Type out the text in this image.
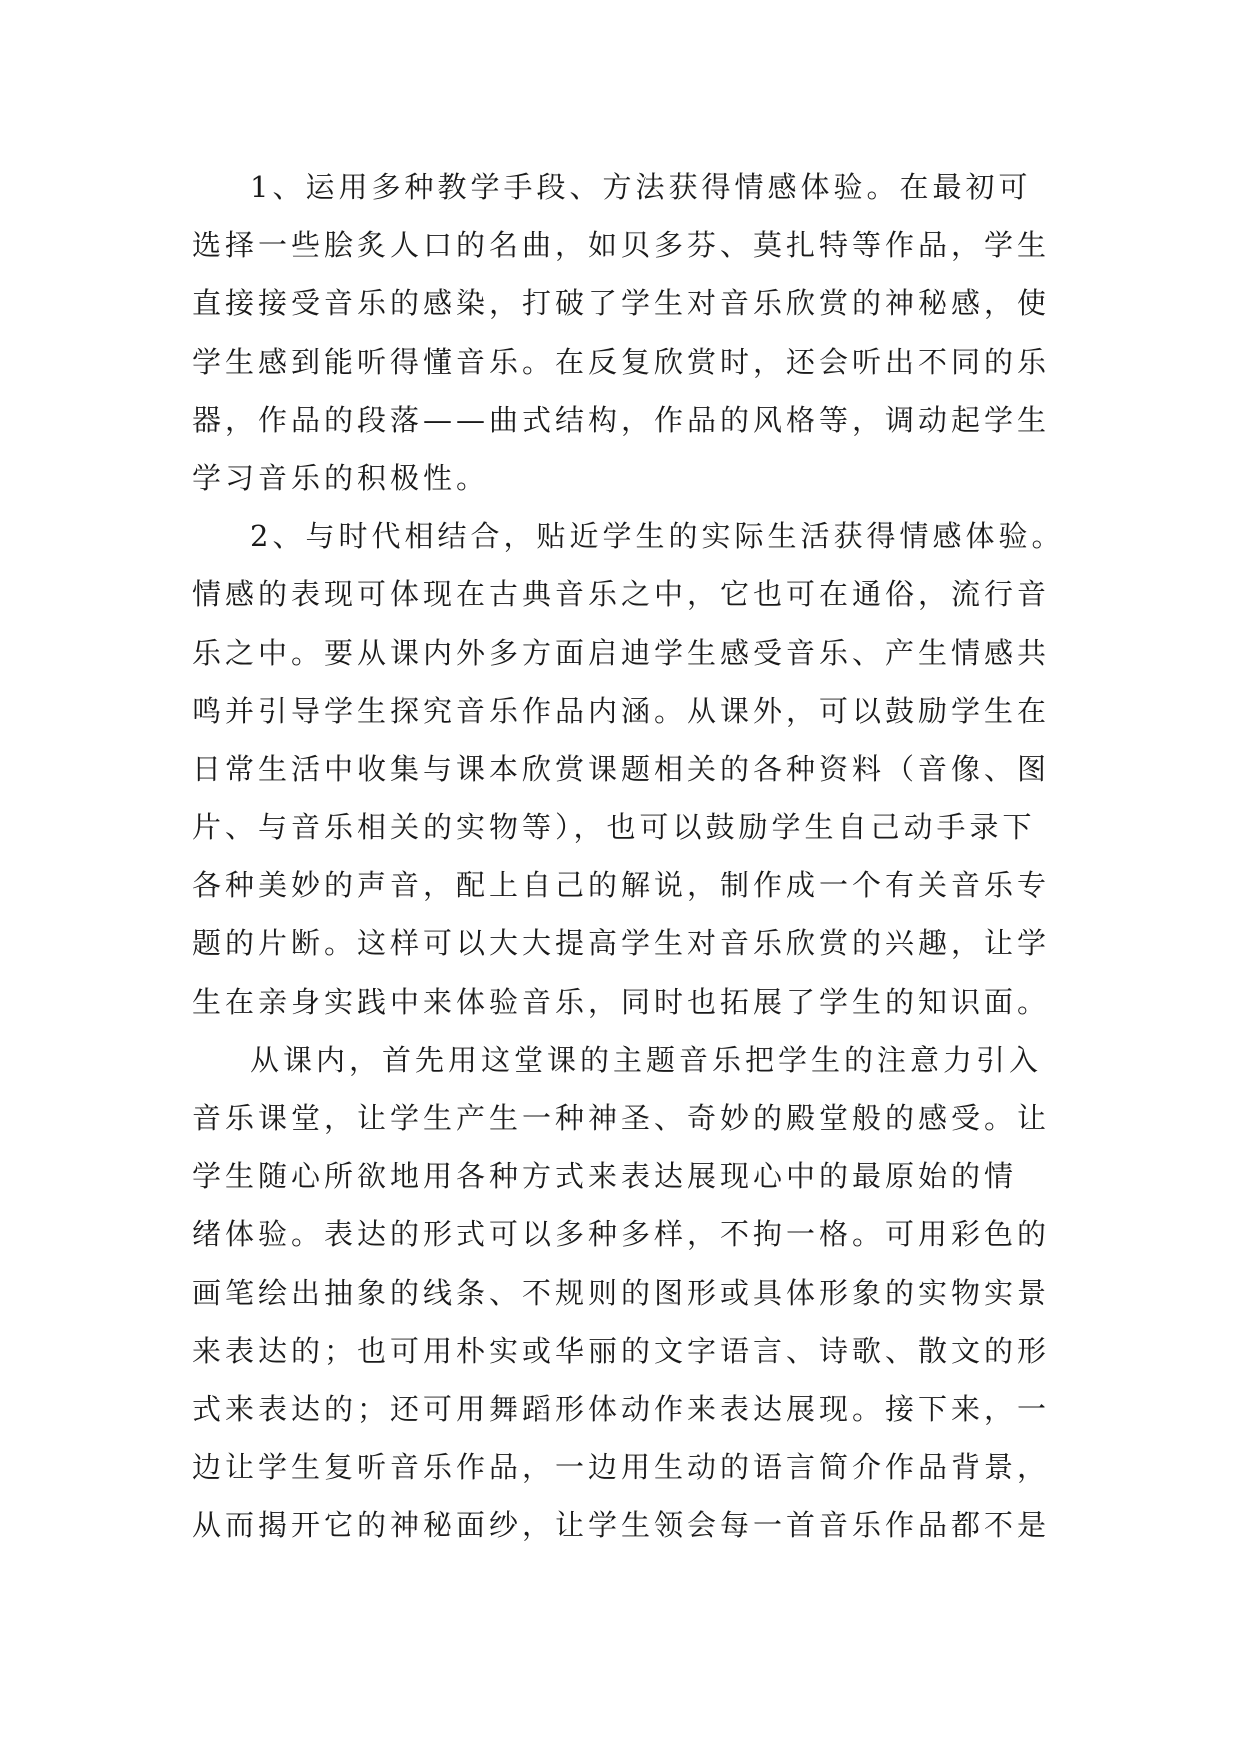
1、运用多种教学手段、方法获得情感体验。在最初可
选择一些脍炙人口的名曲，如贝多芬、莫扎特等作品，学生
直接接受音乐的感染，打破了学生对音乐欣赏的神秘感，使
学生感到能听得懂音乐。在反复欣赏时，还会听出不同的乐
器，作品的段落——曲式结构，作品的风格等，调动起学生
学习音乐的积极性。
2、与时代相结合，贴近学生的实际生活获得情感体验。
情感的表现可体现在古典音乐之中，它也可在通俗，流行音
乐之中。要从课内外多方面启迪学生感受音乐、产生情感共
鸣并引导学生探究音乐作品内涵。从课外，可以鼓励学生在
日常生活中收集与课本欣赏课题相关的各种资料（音像、图
片、与音乐相关的实物等），也可以鼓励学生自己动手录下
各种美妙的声音，配上自己的解说，制作成一个有关音乐专
题的片断。这样可以大大提高学生对音乐欣赏的兴趣，让学
生在亲身实践中来体验音乐，同时也拓展了学生的知识面。
从课内，首先用这堂课的主题音乐把学生的注意力引入
音乐课堂，让学生产生一种神圣、奇妙的殿堂般的感受。让
学生随心所欲地用各种方式来表达展现心中的最原始的情
绪体验。表达的形式可以多种多样，不拘一格。可用彩色的
画笔绘出抽象的线条、不规则的图形或具体形象的实物实景
来表达的；也可用朴实或华丽的文字语言、诗歌、散文的形
式来表达的；还可用舞蹈形体动作来表达展现。接下来，一
边让学生复听音乐作品，一边用生动的语言简介作品背景，
从而揭开它的神秘面纱，让学生领会每一首音乐作品都不是
